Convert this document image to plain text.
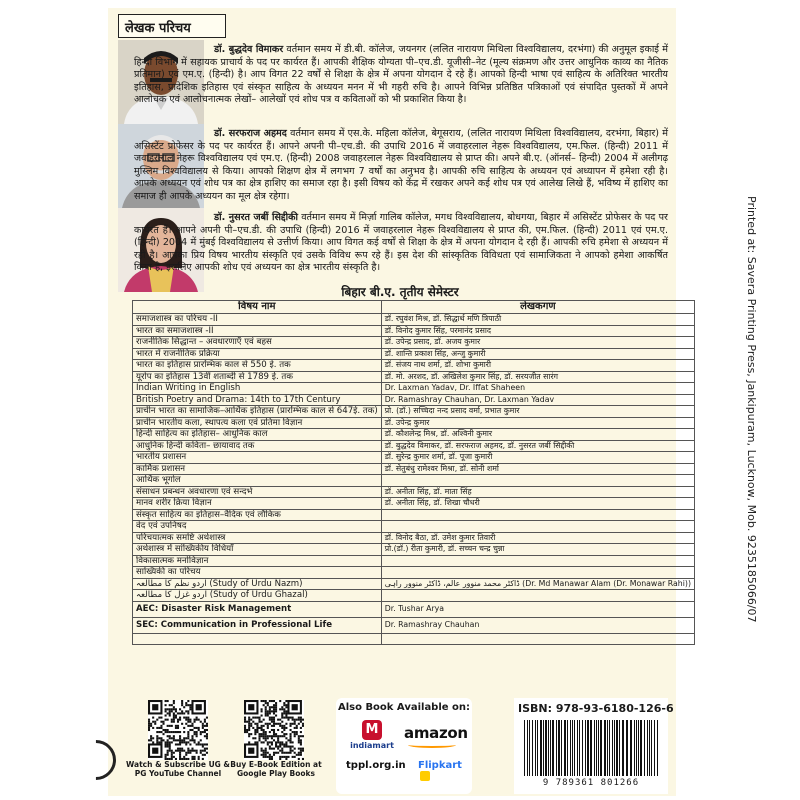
लेखक परिचय
डॉ. बुद्धदेव विमाकर वर्तमान समय में डी.बी. कॉलेज, जयनगर (ललित नारायण मिथिला विश्वविद्यालय, दरभंगा) की अनुमूल इकाई में हिन्दी विभाग में सहायक प्राचार्य के पद पर कार्यरत हैं। आपकी शैक्षिक योग्यता पी–एच.डी. यूजीसी–नेट (मूल्य संक्रमण और उत्तर आधुनिक काव्य का नैतिक प्रतिमान) एवं एम.ए. (हिन्दी) है। आप विगत 22 वर्षों से शिक्षा के क्षेत्र में अपना योगदान दे रहे हैं। आपको हिन्दी भाषा एवं साहित्य के अतिरिक्त भारतीय इतिहास, प्रादेशिक इतिहास एवं संस्कृत साहित्य के अध्ययन मनन में भी गहरी रुचि है। आपने विभिन्न प्रतिष्ठित पत्रिकाओं एवं संपादित पुस्तकों में अपने आलोचक एवं आलोचनात्मक लेखों– आलेखों एवं शोध पत्र व कविताओं को भी प्रकाशित किया है।
डॉ. सरफराज अहमद वर्तमान समय में एस.के. महिला कॉलेज, बेगूसराय, (ललित नारायण मिथिला विश्वविद्यालय, दरभंगा, बिहार) में असिस्टेंट प्रोफेसर के पद पर कार्यरत हैं। आपने अपनी पी–एच.डी. की उपाधि 2016 में जवाहरलाल नेहरू विश्वविद्यालय, एम.फिल. (हिन्दी) 2011 में जवाहरलाल नेहरू विश्वविद्यालय एवं एम.ए. (हिन्दी) 2008 जवाहरलाल नेहरू विश्वविद्यालय से प्राप्त की। अपने बी.ए. (ऑनर्स– हिन्दी) 2004 में अलीगढ़ मुस्लिम विश्वविद्यालय से किया। आपको शिक्षण क्षेत्र में लगभग 7 वर्षों का अनुभव है। आपकी रुचि साहित्य के अध्ययन एवं अध्यापन में हमेशा रही है। आपके अध्ययन एवं शोध पत्र का क्षेत्र हाशिए का समाज रहा है। इसी विषय को केंद्र में रखकर अपने कई शोध पत्र एवं आलेख लिखे हैं, भविष्य में हाशिए का समाज ही आपके अध्ययन का मूल क्षेत्र रहेगा।
डॉ. नुसरत जबीं सिद्दीकी वर्तमान समय में मिर्ज़ा गालिब कॉलेज, मगध विश्वविद्यालय, बोधगया, बिहार में असिस्टेंट प्रोफेसर के पद पर कार्यरत हैं। आपने अपनी पी–एच.डी. की उपाधि (हिन्दी) 2016 में जवाहरलाल नेहरू विश्वविद्यालय से प्राप्त की, एम.फिल. (हिन्दी) 2011 एवं एम.ए. (हिन्दी) 2004 में मुंबई विश्वविद्यालय से उत्तीर्ण किया। आप विगत कई वर्षों से शिक्षा के क्षेत्र में अपना योगदान दे रही हैं। आपकी रुचि हमेशा से अध्ययन में रही है। आपका प्रिय विषय भारतीय संस्कृति एवं उसके विविध रूप रहे हैं। इस देश की सांस्कृतिक विविधता एवं सामाजिकता ने आपको हमेशा आकर्षित किया है, इसलिए आपकी शोध एवं अध्ययन का क्षेत्र भारतीय संस्कृति है।
बिहार बी.ए. तृतीय सेमेस्टर
विषय नाम	लेखकगण
समाजशास्त्र का परिचय -II	डॉ. रघुवंश मिश्र, डॉ. सिद्धार्थ मणि त्रिपाठी
भारत का समाजशास्त्र -II	डॉ. विनोद कुमार सिंह, परमानंद प्रसाद
राजनीतिक सिद्धान्त – अवधारणाएँ एवं बहस	डॉ. उपेन्द्र प्रसाद, डॉ. अजय कुमार
भारत में राजनीतिक प्रक्रिया	डॉ. शान्ति प्रकाश सिंह, अन्जु कुमारी
भारत का इतिहास प्रारम्भिक काल से 550 ई. तक	डॉ. संजय नाथ शर्मा, डॉ. शोभा कुमारी
यूरोप का इतिहास 13वीं शताब्दी से 1789 ई. तक	डॉ. मो. अरशद, डॉ. अखिलेश कुमार सिंह, डॉ. सरयजीत सारंग
Indian Writing in English	Dr. Laxman Yadav, Dr. Iffat Shaheen
British Poetry and Drama: 14th to 17th Century	Dr. Ramashray Chauhan, Dr. Laxman Yadav
प्राचीन भारत का सामाजिक–आर्थिक इतिहास (प्रारम्भिक काल से 647ई. तक)	प्रो. (डॉ.) सच्चिदा नन्द प्रसाद वर्मा, प्रभात कुमार
प्राचीन भारतीय कला, स्थापत्य कला एवं प्रतिमा विज्ञान	डॉ. उपेन्द्र कुमार
हिन्दी साहित्य का इतिहास– आधुनिक काल	डॉ. कौशलेन्द्र मिश्र, डॉ. अश्विनी कुमार
आधुनिक हिन्दी कविता– छायावाद तक	डॉ. बुद्धदेव विमाकर, डॉ. सरफराज अहमद, डॉ. नुसरत जबीं सिद्दीकी
भारतीय प्रशासन	डॉ. सुरेन्द्र कुमार शर्मा, डॉ. पूजा कुमारी
कार्मिक प्रशासन	डॉ. सेतुबंधु रामेश्वर मिश्रा, डॉ. सोनी शर्मा
आर्थिक भूगोल	
संसाधन प्रबन्धन अवधारणा एवं सन्दर्भ	डॉ. अनीता सिंह, डॉ. माता सिंह
मानव शरीर क्रिया विज्ञान	डॉ. अनीता सिंह, डॉ. शिखा चौधरी
संस्कृत साहित्य का इतिहास–वैदिक एवं लौकिक	
वेद एवं उपनिषद	
परिचयात्मक समष्टि अर्थशास्त्र	डॉ. विनोद बैठा, डॉ. उमेश कुमार तिवारी
अर्थशास्त्र में सांख्यिकीय विधियाँ	प्रो.(डॉ.) रीता कुमारी, डॉ. सच्चन चन्द्र चुन्ना
विकासात्मक मनोविज्ञान	
साख्यिकी का परिचय	
اردو نظم کا مطالعہ (Study of Urdu Nazm)	ڈاکٹر محمد منوور عالم، ڈاکٹر منوور راہی (Dr. Md Manawar Alam (Dr. Monawar Rahi))
اردو غزل کا مطالعہ (Study of Urdu Ghazal)	
AEC: Disaster Risk Management	Dr. Tushar Arya
SEC: Communication in Professional Life	Dr. Ramashray Chauhan

Watch & Subscribe UG & PG YouTube Channel
Buy E-Book Edition at Google Play Books
Also Book Available on:
M
indiamart
amazon
tppl.org.in Flipkart
ISBN: 978-93-6180-126-6
9 789361 801266
Printed at: Savera Printing Press, Jankipuram, Lucknow, Mob. 9235185066/07
